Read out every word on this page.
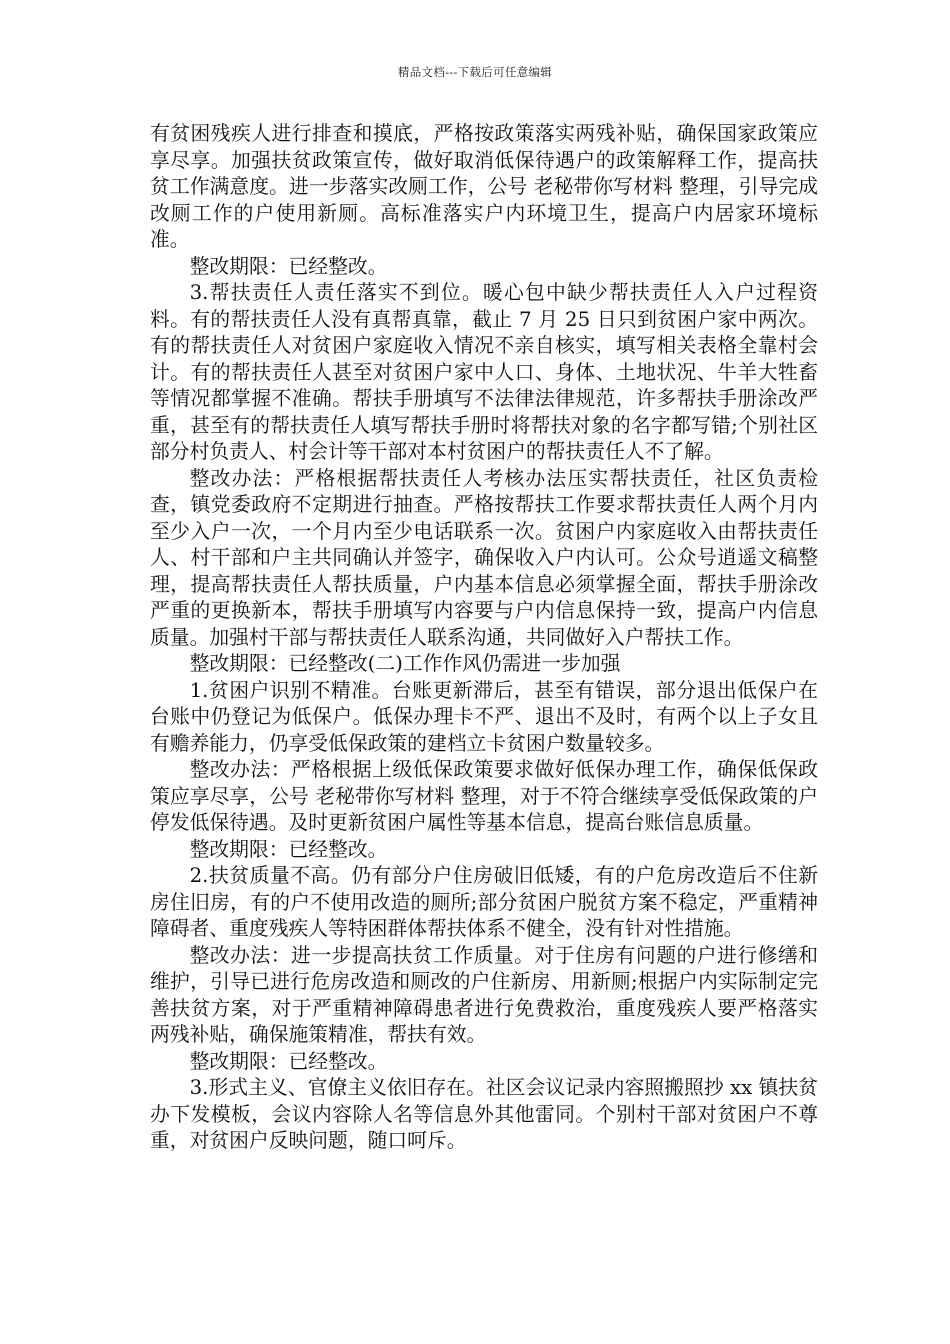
精品文档---下载后可任意编辑

有贫困残疾人进行排查和摸底，严格按政策落实两残补贴，确保国家政策应享尽享。加强扶贫政策宣传，做好取消低保待遇户的政策解释工作，提高扶贫工作满意度。进一步落实改厕工作，公号 老秘带你写材料 整理，引导完成改厕工作的户使用新厕。高标准落实户内环境卫生，提高户内居家环境标准。

整改期限：已经整改。

3.帮扶责任人责任落实不到位。暖心包中缺少帮扶责任人入户过程资料。有的帮扶责任人没有真帮真靠，截止 7 月 25 日只到贫困户家中两次。有的帮扶责任人对贫困户家庭收入情况不亲自核实，填写相关表格全靠村会计。有的帮扶责任人甚至对贫困户家中人口、身体、土地状况、牛羊大牲畜等情况都掌握不准确。帮扶手册填写不法律法律规范，许多帮扶手册涂改严重，甚至有的帮扶责任人填写帮扶手册时将帮扶对象的名字都写错;个别社区部分村负责人、村会计等干部对本村贫困户的帮扶责任人不了解。

整改办法：严格根据帮扶责任人考核办法压实帮扶责任，社区负责检查，镇党委政府不定期进行抽查。严格按帮扶工作要求帮扶责任人两个月内至少入户一次，一个月内至少电话联系一次。贫困户内家庭收入由帮扶责任人、村干部和户主共同确认并签字，确保收入户内认可。公众号逍遥文稿整理，提高帮扶责任人帮扶质量，户内基本信息必须掌握全面，帮扶手册涂改严重的更换新本，帮扶手册填写内容要与户内信息保持一致，提高户内信息质量。加强村干部与帮扶责任人联系沟通，共同做好入户帮扶工作。

整改期限：已经整改(二)工作作风仍需进一步加强

1.贫困户识别不精准。台账更新滞后，甚至有错误，部分退出低保户在台账中仍登记为低保户。低保办理卡不严、退出不及时，有两个以上子女且有赡养能力，仍享受低保政策的建档立卡贫困户数量较多。

整改办法：严格根据上级低保政策要求做好低保办理工作，确保低保政策应享尽享，公号 老秘带你写材料 整理，对于不符合继续享受低保政策的户停发低保待遇。及时更新贫困户属性等基本信息，提高台账信息质量。

整改期限：已经整改。

2.扶贫质量不高。仍有部分户住房破旧低矮，有的户危房改造后不住新房住旧房，有的户不使用改造的厕所;部分贫困户脱贫方案不稳定，严重精神障碍者、重度残疾人等特困群体帮扶体系不健全，没有针对性措施。

整改办法：进一步提高扶贫工作质量。对于住房有问题的户进行修缮和维护，引导已进行危房改造和厕改的户住新房、用新厕;根据户内实际制定完善扶贫方案，对于严重精神障碍患者进行免费救治，重度残疾人要严格落实两残补贴，确保施策精准，帮扶有效。

整改期限：已经整改。

3.形式主义、官僚主义依旧存在。社区会议记录内容照搬照抄 xx 镇扶贫办下发模板，会议内容除人名等信息外其他雷同。个别村干部对贫困户不尊重，对贫困户反映问题，随口呵斥。
